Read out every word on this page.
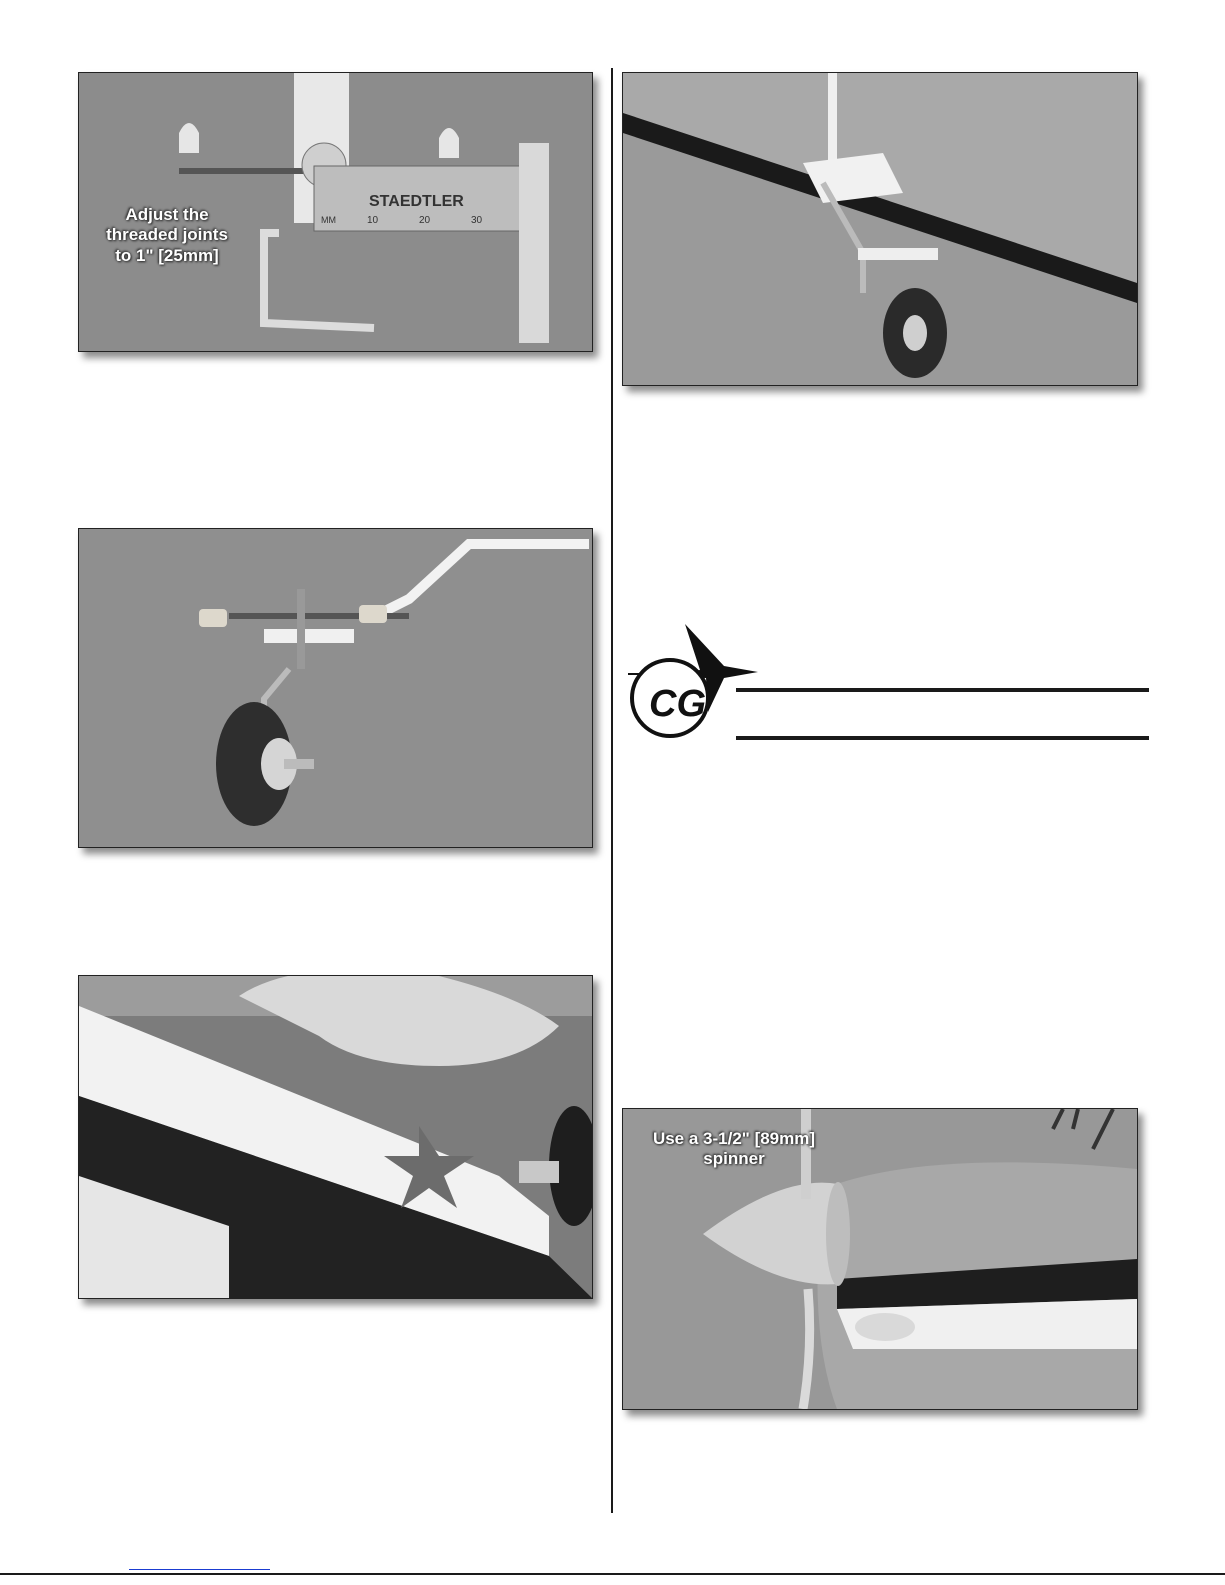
STAEDTLER
MM	10	20	30
Adjust the
threaded joints
to 1" [25mm]
CG
Use a 3-1/2" [89mm]
spinner
